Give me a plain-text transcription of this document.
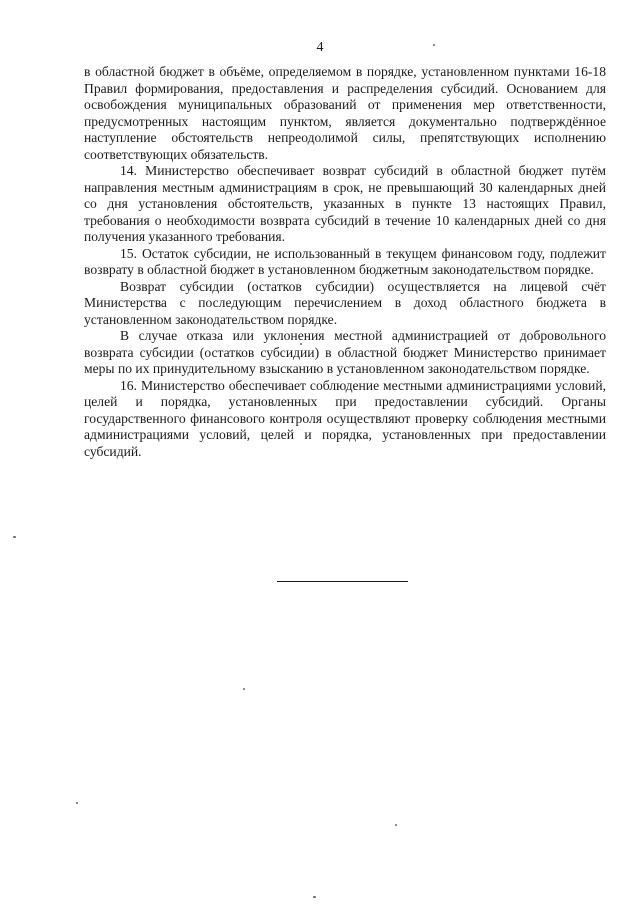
4

в областной бюджет в объёме, определяемом в порядке, установленном пунктами 16-18 Правил формирования, предоставления и распределения субсидий. Основанием для освобождения муниципальных образований от применения мер ответственности, предусмотренных настоящим пунктом, является документально подтверждённое наступление обстоятельств непреодолимой силы, препятствующих исполнению соответствующих обязательств.

14. Министерство обеспечивает возврат субсидий в областной бюджет путём направления местным администрациям в срок, не превышающий 30 календарных дней со дня установления обстоятельств, указанных в пункте 13 настоящих Правил, требования о необходимости возврата субсидий в течение 10 календарных дней со дня получения указанного требования.

15. Остаток субсидии, не использованный в текущем финансовом году, подлежит возврату в областной бюджет в установленном бюджетным законодательством порядке.

Возврат субсидии (остатков субсидии) осуществляется на лицевой счёт Министерства с последующим перечислением в доход областного бюджета в установленном законодательством порядке.

В случае отказа или уклонения местной администрацией от добровольного возврата субсидии (остатков субсидии) в областной бюджет Министерство принимает меры по их принудительному взысканию в установленном законодательством порядке.

16. Министерство обеспечивает соблюдение местными администрациями условий, целей и порядка, установленных при предоставлении субсидий. Органы государственного финансового контроля осуществляют проверку соблюдения местными администрациями условий, целей и порядка, установленных при предоставлении субсидий.
